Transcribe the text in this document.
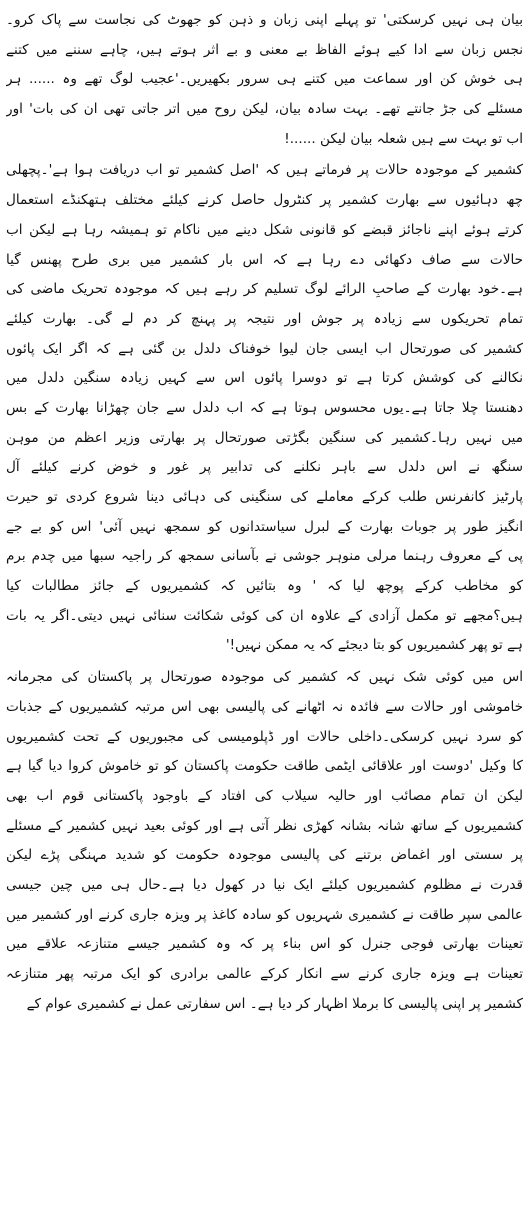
بیان ہی نہیں کرسکتی' تو پہلے اپنی زبان و ذہن کو جھوٹ کی نجاست سے پاک کرو۔
نجس زبان سے ادا کیے ہوئے الفاظ بے معنی و بے اثر ہوتے ہیں، چاہے سننے میں کتنے
ہی خوش کن اور سماعت میں کتنے ہی سرور بکھیریں۔'عجیب لوگ تھے وہ ...... ہر
مسئلے کی جڑ جانتے تھے۔ بہت سادہ بیان، لیکن روح میں اتر جاتی تھی ان کی بات' اور
اب تو بہت سے ہیں شعلہ بیان لیکن ......!
کشمیر کے موجودہ حالات پر فرماتے ہیں کہ 'اصل کشمیر تو اب دریافت ہوا ہے'۔پچھلی
چھ دہائیوں سے بھارت کشمیر پر کنٹرول حاصل کرنے کیلئے مختلف ہتھکنڈے استعمال
کرتے ہوئے اپنے ناجائز قبضے کو قانونی شکل دینے میں ناکام تو ہمیشہ رہا ہے لیکن اب
حالات سے صاف دکھائی دے رہا ہے کہ اس بار کشمیر میں بری طرح پھنس گیا
ہے۔خود بھارت کے صاحبِ الرائے لوگ تسلیم کر رہے ہیں کہ موجودہ تحریک ماضی کی
تمام تحریکوں سے زیادہ پر جوش اور نتیجہ پر پہنچ کر دم لے گی۔ بھارت کیلئے
کشمیر کی صورتحال اب ایسی جان لیوا خوفناک دلدل بن گئی ہے کہ اگر ایک پائوں
نکالنے کی کوشش کرتا ہے تو دوسرا پائوں اس سے کہیں زیادہ سنگین دلدل میں
دھنستا چلا جاتا ہے۔یوں محسوس ہوتا ہے کہ اب دلدل سے جان چھڑانا بھارت کے بس
میں نہیں رہا۔کشمیر کی سنگین بگڑتی صورتحال پر بھارتی وزیر اعظم من موہن
سنگھ نے اس دلدل سے باہر نکلنے کی تدابیر پر غور و خوض کرنے کیلئے آل
پارٹیز کانفرنس طلب کرکے معاملے کی سنگینی کی دہائی دینا شروع کردی تو حیرت
انگیز طور پر جوبات بھارت کے لبرل سیاستدانوں کو سمجھ نہیں آئی' اس کو بے جے
پی کے معروف رہنما مرلی منوہر جوشی نے بآسانی سمجھ کر راجیہ سبھا میں چدم برم
کو مخاطب کرکے پوچھ لیا کہ ' وہ بتائیں کہ کشمیریوں کے جائز مطالبات کیا
ہیں؟مجھے تو مکمل آزادی کے علاوہ ان کی کوئی شکائت سنائی نہیں دیتی۔اگر یہ بات
ہے تو پھر کشمیریوں کو بتا دیجئے کہ یہ ممکن نہیں!'
اس میں کوئی شک نہیں کہ کشمیر کی موجودہ صورتحال پر پاکستان کی مجرمانہ
خاموشی اور حالات سے فائدہ نہ اٹھانے کی پالیسی بھی اس مرتبہ کشمیریوں کے جذبات
کو سرد نہیں کرسکی۔داخلی حالات اور ڈپلومیسی کی مجبوریوں کے تحت کشمیریوں
کا وکیل 'دوست اور علاقائی ایٹمی طاقت حکومت پاکستان کو تو خاموش کروا دیا گیا ہے
لیکن ان تمام مصائب اور حالیہ سیلاب کی افتاد کے باوجود پاکستانی قوم اب بھی
کشمیریوں کے ساتھ شانہ بشانہ کھڑی نظر آتی ہے اور کوئی بعید نہیں کشمیر کے مسئلے
پر سستی اور اغماض برتنے کی پالیسی موجودہ حکومت کو شدید مہنگی پڑے لیکن
قدرت نے مظلوم کشمیریوں کیلئے ایک نیا در کھول دیا ہے۔حال ہی میں چین جیسی
عالمی سپر طاقت نے کشمیری شہریوں کو سادہ کاغذ پر ویزہ جاری کرنے اور کشمیر میں
تعینات بھارتی فوجی جنرل کو اس بناء پر کہ وہ کشمیر جیسے متنازعہ علاقے میں
تعینات ہے ویزہ جاری کرنے سے انکار کرکے عالمی برادری کو ایک مرتبہ پھر متنازعہ
کشمیر پر اپنی پالیسی کا برملا اظہار کر دیا ہے۔ اس سفارتی عمل نے کشمیری عوام کے
